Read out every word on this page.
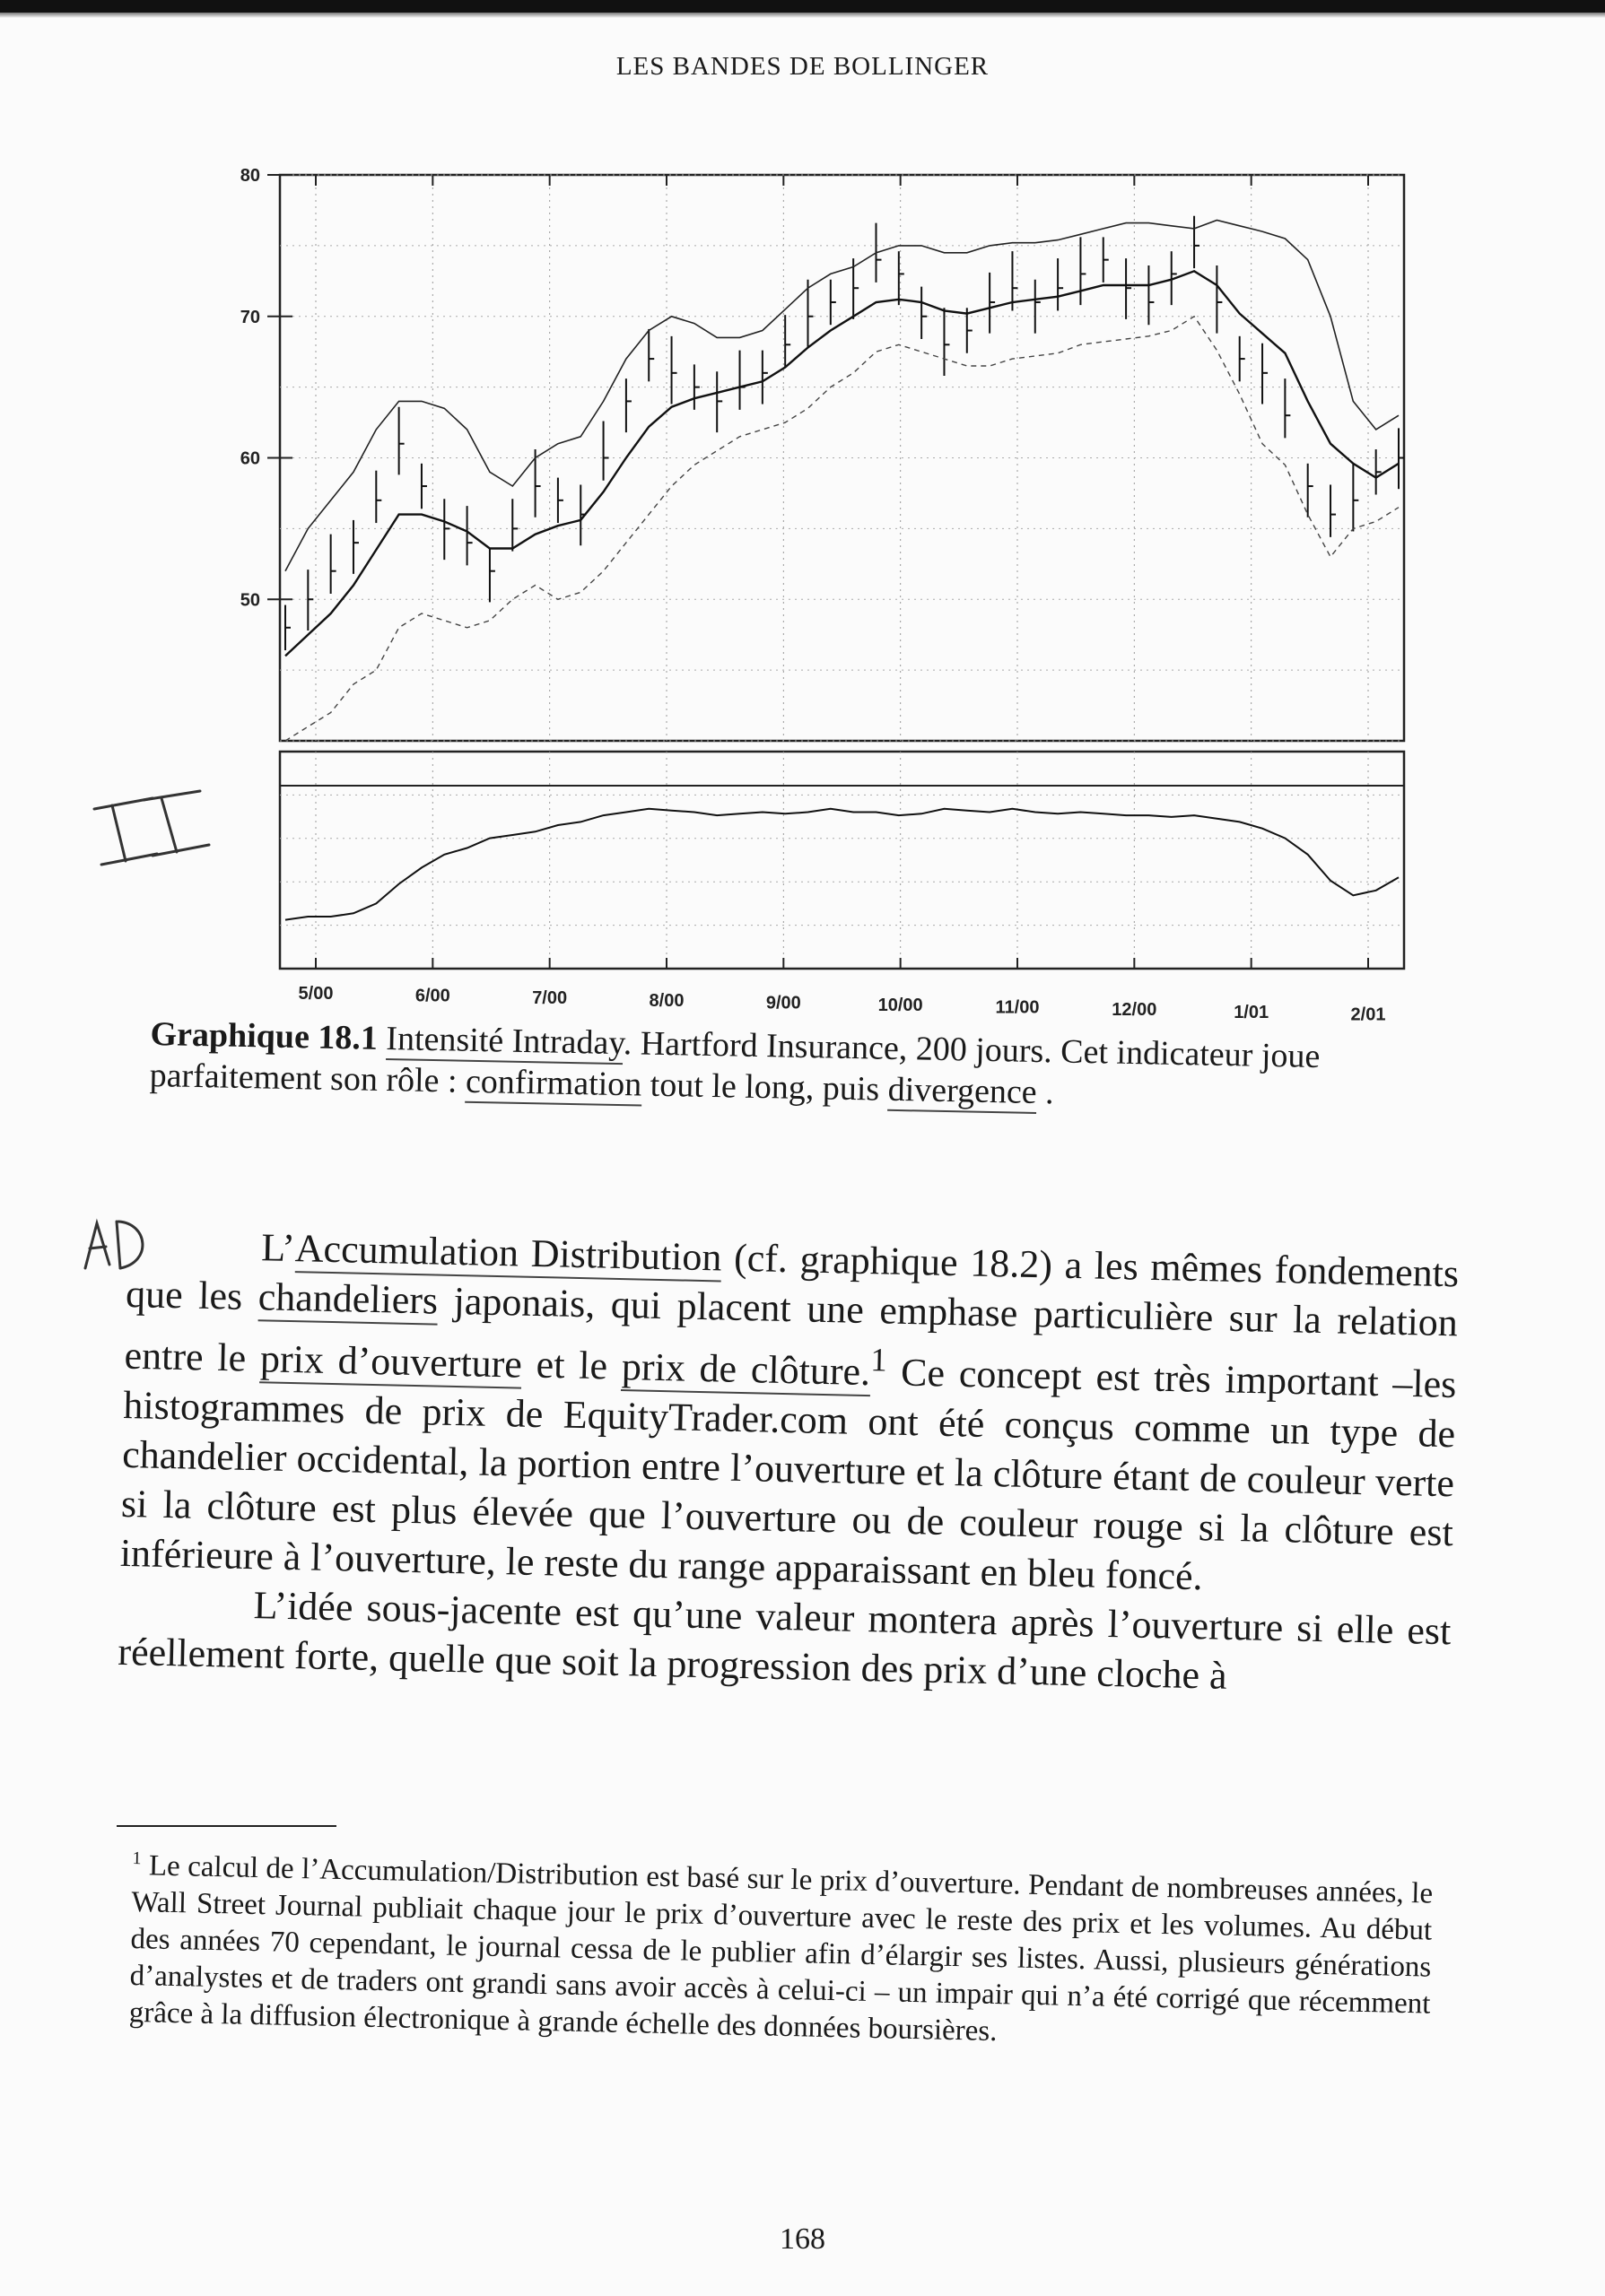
LES BANDES DE BOLLINGER
5/00	6/00	7/00	8/00	9/00	10/00	11/00	12/00	1/01	2/01
80
70
60
50
Graphique 18.1 Intensité Intraday. Hartford Insurance, 200 jours. Cet indicateur joue parfaitement son rôle : confirmation tout le long, puis divergence .

L’Accumulation Distribution (cf. graphique 18.2) a les mêmes fondements que les chandeliers japonais, qui placent une emphase particulière sur la relation entre le prix d’ouverture et le prix de clôture.$^1$ Ce concept est très important –les histogrammes de prix de EquityTrader.com ont été conçus comme un type de chandelier occidental, la portion entre l’ouverture et la clôture étant de couleur verte si la clôture est plus élevée que l’ouverture ou de couleur rouge si la clôture est inférieure à l’ouverture, le reste du range apparaissant en bleu foncé.

L’idée sous-jacente est qu’une valeur montera après l’ouverture si elle est réellement forte, quelle que soit la progression des prix d’une cloche à

$^1$ Le calcul de l’Accumulation/Distribution est basé sur le prix d’ouverture. Pendant de nombreuses années, le Wall Street Journal publiait chaque jour le prix d’ouverture avec le reste des prix et les volumes. Au début des années 70 cependant, le journal cessa de le publier afin d’élargir ses listes. Aussi, plusieurs générations d’analystes et de traders ont grandi sans avoir accès à celui-ci – un impair qui n’a été corrigé que récemment grâce à la diffusion électronique à grande échelle des données boursières.
168
